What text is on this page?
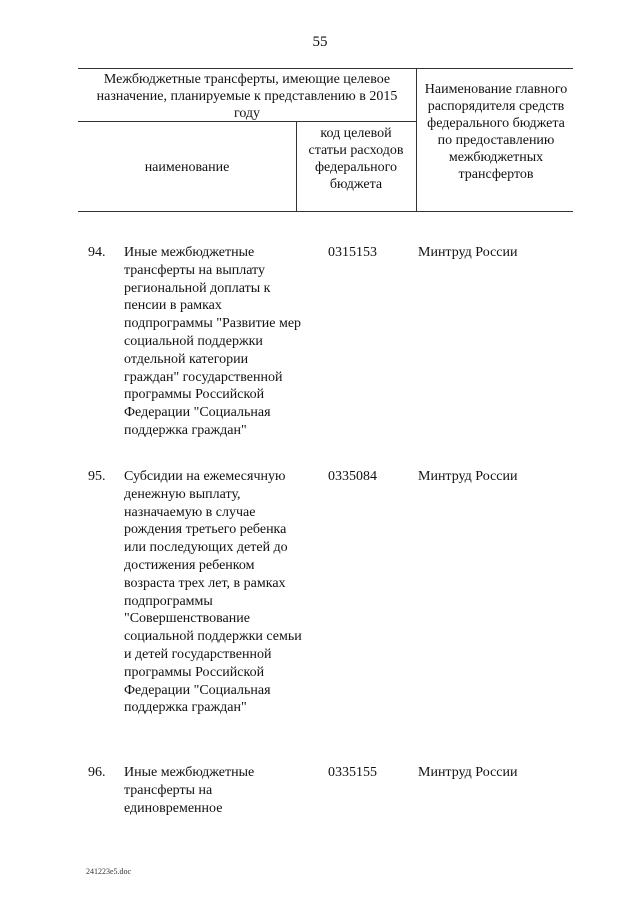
55
Межбюджетные трансферты, имеющие целевое назначение, планируемые к представлению в 2015 году
наименование
код целевой статьи расходов федерального бюджета
Наименование главного распорядителя средств федерального бюджета по предоставлению межбюджетных трансфертов
94. Иные межбюджетные трансферты на выплату региональной доплаты к пенсии в рамках подпрограммы "Развитие мер социальной поддержки отдельной категории граждан" государственной программы Российской Федерации "Социальная поддержка граждан"
0315153	Минтруд России
95. Субсидии на ежемесячную денежную выплату, назначаемую в случае рождения третьего ребенка или последующих детей до достижения ребенком возраста трех лет, в рамках подпрограммы "Совершенствование социальной поддержки семьи и детей государственной программы Российской Федерации "Социальная поддержка граждан"
0335084	Минтруд России
96. Иные межбюджетные трансферты на единовременное
0335155	Минтруд России
241223e5.doc
